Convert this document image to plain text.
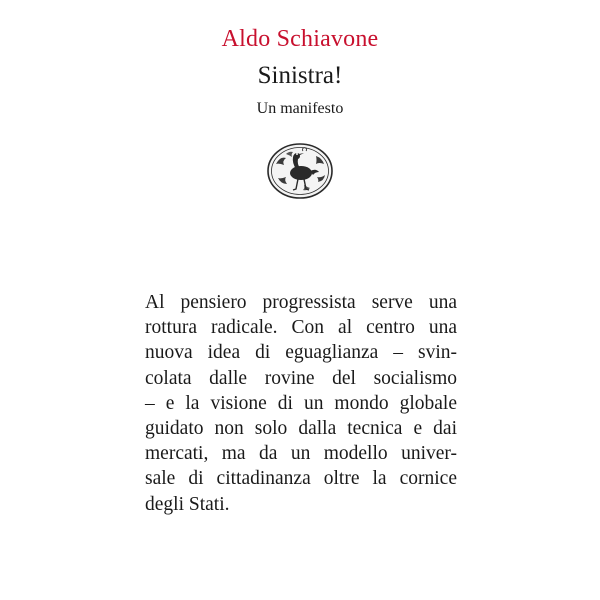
Aldo Schiavone
Sinistra!
Un manifesto
Al pensiero progressista serve una
rottura radicale. Con al centro una
nuova idea di eguaglianza – svin-
colata dalle rovine del socialismo
– e la visione di un mondo globale
guidato non solo dalla tecnica e dai
mercati, ma da un modello univer-
sale di cittadinanza oltre la cornice
degli Stati.
